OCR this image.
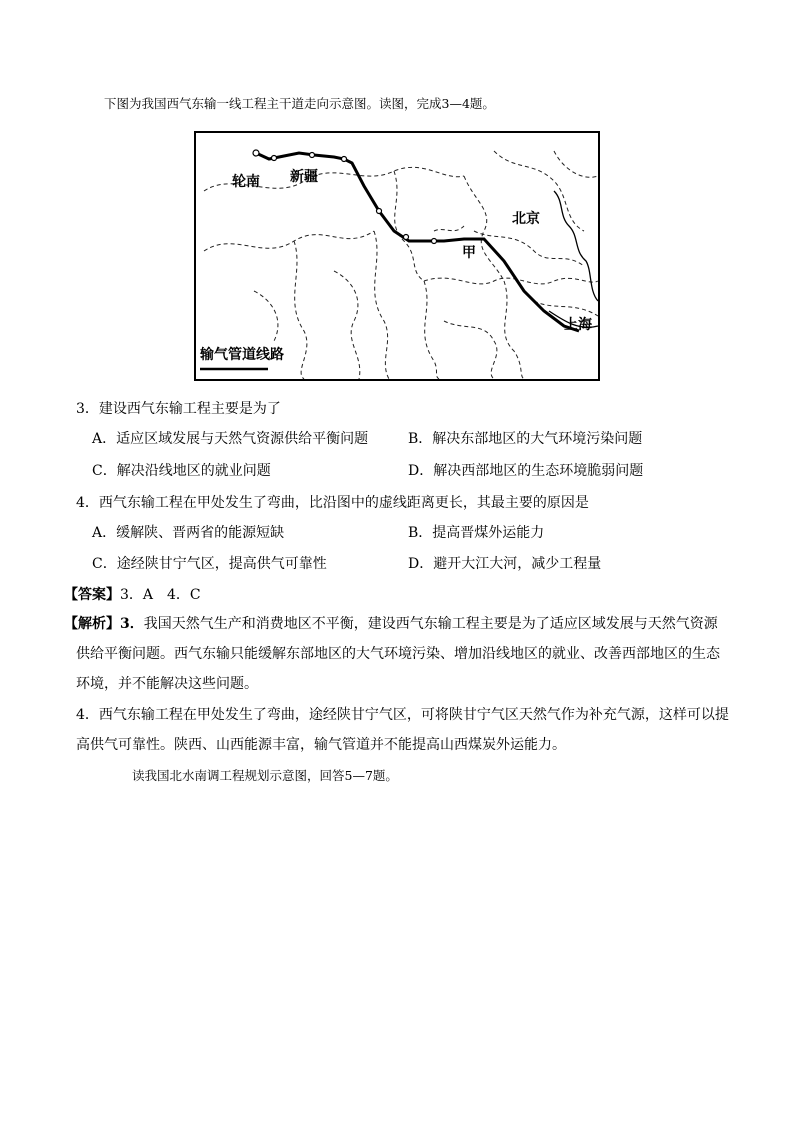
下图为我国西气东输一线工程主干道走向示意图。读图，完成3—4题。
轮南 新疆
北京
甲
上海
输气管道线路
3．建设西气东输工程主要是为了
A．适应区域发展与天然气资源供给平衡问题	B．解决东部地区的大气环境污染问题
C．解决沿线地区的就业问题	D．解决西部地区的生态环境脆弱问题
4．西气东输工程在甲处发生了弯曲，比沿图中的虚线距离更长，其最主要的原因是
A．缓解陕、晋两省的能源短缺	B．提高晋煤外运能力
C．途经陕甘宁气区，提高供气可靠性	D．避开大江大河，减少工程量
【答案】3．A　4．C
【解析】3．我国天然气生产和消费地区不平衡，建设西气东输工程主要是为了适应区域发展与天然气资源
供给平衡问题。西气东输只能缓解东部地区的大气环境污染、增加沿线地区的就业、改善西部地区的生态
环境，并不能解决这些问题。
4．西气东输工程在甲处发生了弯曲，途经陕甘宁气区，可将陕甘宁气区天然气作为补充气源，这样可以提
高供气可靠性。陕西、山西能源丰富，输气管道并不能提高山西煤炭外运能力。
读我国北水南调工程规划示意图，回答5—7题。
